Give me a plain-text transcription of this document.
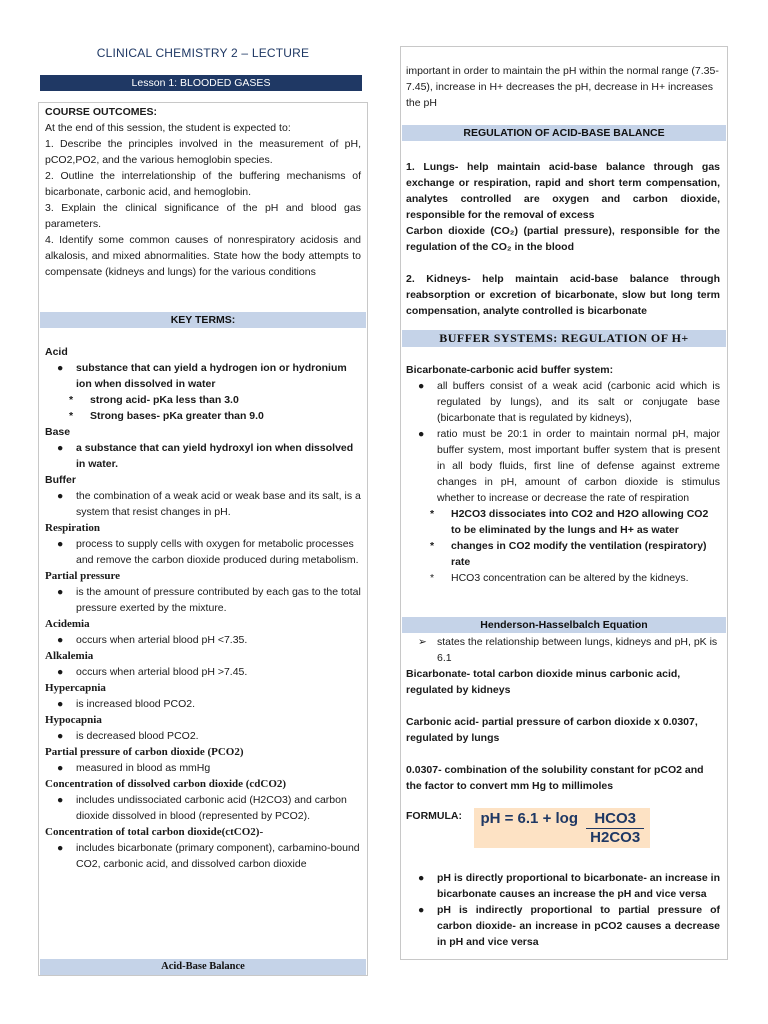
CLINICAL CHEMISTRY 2 – LECTURE
Lesson 1: BLOODED GASES
COURSE OUTCOMES:
At the end of this session, the student is expected to:
1. Describe the principles involved in the measurement of pH, pCO2,PO2, and the various hemoglobin species.
2. Outline the interrelationship of the buffering mechanisms of bicarbonate, carbonic acid, and hemoglobin.
3. Explain the clinical significance of the pH and blood gas parameters.
4. Identify some common causes of nonrespiratory acidosis and alkalosis, and mixed abnormalities. State how the body attempts to compensate (kidneys and lungs) for the various conditions
KEY TERMS:
Acid
● substance that can yield a hydrogen ion or hydronium ion when dissolved in water
* strong acid- pKa less than 3.0
* Strong bases- pKa greater than 9.0
Base
● a substance that can yield hydroxyl ion when dissolved in water.
Buffer
● the combination of a weak acid or weak base and its salt, is a system that resist changes in pH.
Respiration
● process to supply cells with oxygen for metabolic processes and remove the carbon dioxide produced during metabolism.
Partial pressure
● is the amount of pressure contributed by each gas to the total pressure exerted by the mixture.
Acidemia
● occurs when arterial blood pH <7.35.
Alkalemia
● occurs when arterial blood pH >7.45.
Hypercapnia
● is increased blood PCO2.
Hypocapnia
● is decreased blood PCO2.
Partial pressure of carbon dioxide (PCO2)
● measured in blood as mmHg
Concentration of dissolved carbon dioxide (cdCO2)
● includes undissociated carbonic acid (H2CO3) and carbon dioxide dissolved in blood (represented by PCO2).
Concentration of total carbon dioxide(ctCO2)-
● includes bicarbonate (primary component), carbamino-bound CO2, carbonic acid, and dissolved carbon dioxide
Acid-Base Balance
important in order to maintain the pH within the normal range (7.35-7.45), increase in H+ decreases the pH, decrease in H+ increases the pH
REGULATION OF ACID-BASE BALANCE
1. Lungs- help maintain acid-base balance through gas exchange or respiration, rapid and short term compensation, analytes controlled are oxygen and carbon dioxide, responsible for the removal of excess
Carbon dioxide (CO₂) (partial pressure), responsible for the regulation of the CO₂ in the blood
2. Kidneys- help maintain acid-base balance through reabsorption or excretion of bicarbonate, slow but long term compensation, analyte controlled is bicarbonate
BUFFER SYSTEMS: REGULATION OF H+
Bicarbonate-carbonic acid buffer system:
● all buffers consist of a weak acid (carbonic acid which is regulated by lungs), and its salt or conjugate base (bicarbonate that is regulated by kidneys),
● ratio must be 20:1 in order to maintain normal pH, major buffer system, most important buffer system that is present in all body fluids, first line of defense against extreme changes in pH, amount of carbon dioxide is stimulus whether to increase or decrease the rate of respiration
* H2CO3 dissociates into CO2 and H2O allowing CO2 to be eliminated by the lungs and H+ as water
* changes in CO2 modify the ventilation (respiratory) rate
* HCO3 concentration can be altered by the kidneys.
Henderson-Hasselbalch Equation
➢ states the relationship between lungs, kidneys and pH, pK is 6.1
Bicarbonate- total carbon dioxide minus carbonic acid, regulated by kidneys
Carbonic acid- partial pressure of carbon dioxide x 0.0307, regulated by lungs
0.0307- combination of the solubility constant for pCO2 and the factor to convert mm Hg to millimoles
$^{FORMULA:}$ pH = $6.1 + \log \frac{\text{HCO3}}{H2CO3}$
● pH is directly proportional to bicarbonate- an increase in bicarbonate causes an increase the pH and vice versa
● pH is indirectly proportional to partial pressure of carbon dioxide- an increase in pCO2 causes a decrease in pH and vice versa
